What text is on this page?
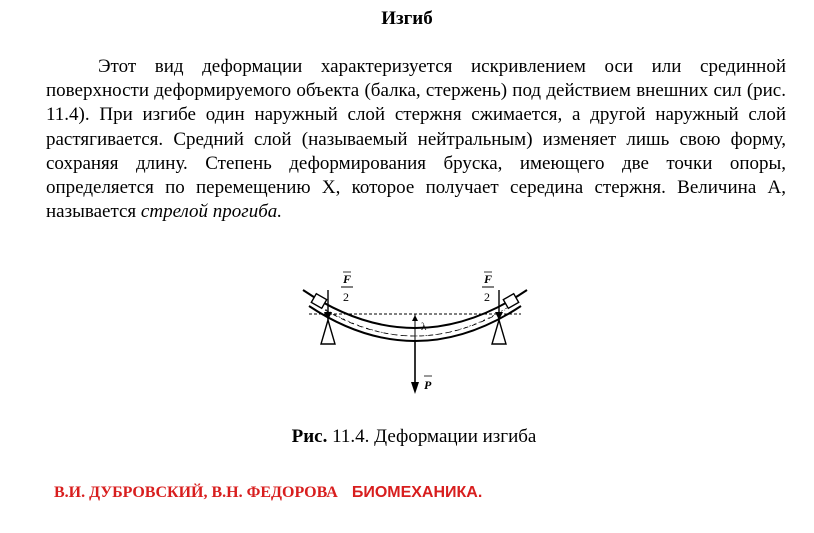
Изгиб

Этот вид деформации характеризуется искривлением оси или срединной поверхности деформируемого объекта (балка, стержень) под действием внешних сил (рис. 11.4). При изгибе один наружный слой стержня сжимается, а другой наружный слой растягивается. Средний слой (называемый нейтральным) изменяет лишь свою форму, сохраняя длину. Степень деформирования бруска, имеющего две точки опоры, определяется по перемещению X, которое получает середина стержня. Величина А, называется стрелой прогиба.

λ
P
F
2
F
2
Рис. 11.4. Деформации изгиба
В.И. ДУБРОВСКИЙ, В.Н. ФЕДОРОВА БИОМЕХАНИКА.
